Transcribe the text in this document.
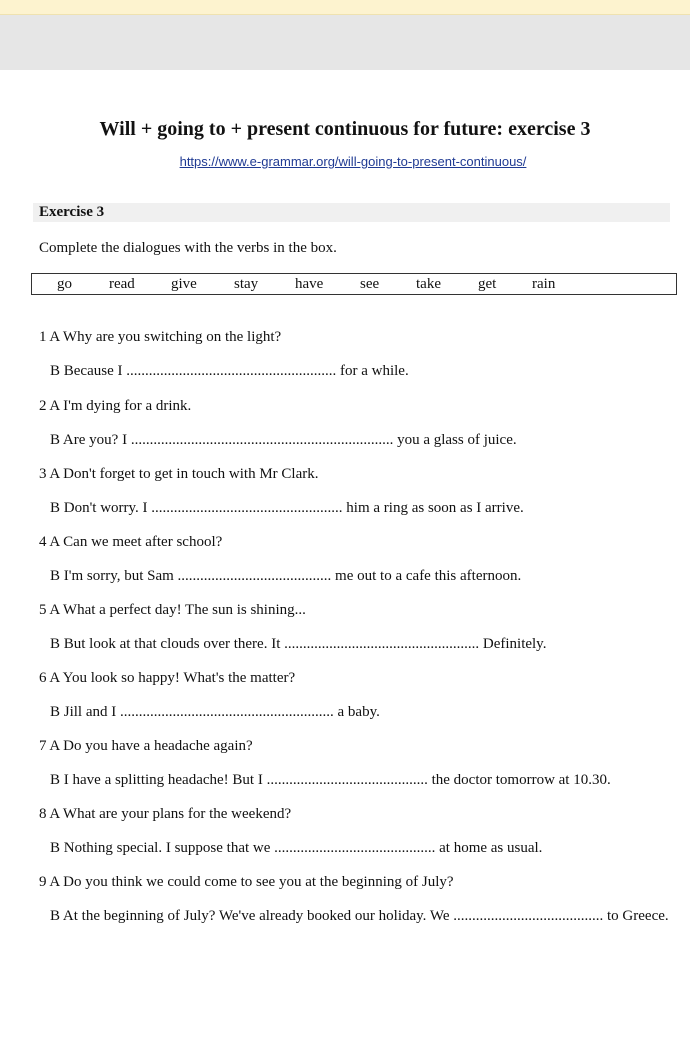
Will + going to + present continuous for future: exercise 3
https://www.e-grammar.org/will-going-to-present-continuous/
Exercise 3
Complete the dialogues with the verbs in the box.
go read give stay have see take get rain
1 A Why are you switching on the light?
B Because I ........................................................ for a while.
2 A I'm dying for a drink.
B Are you? I ...................................................................... you a glass of juice.
3 A Don't forget to get in touch with Mr Clark.
B Don't worry. I ................................................... him a ring as soon as I arrive.
4 A Can we meet after school?
B I'm sorry, but Sam ......................................... me out to a cafe this afternoon.
5 A What a perfect day! The sun is shining...
B But look at that clouds over there. It .................................................... Definitely.
6 A You look so happy! What's the matter?
B Jill and I ......................................................... a baby.
7 A Do you have a headache again?
B I have a splitting headache! But I ........................................... the doctor tomorrow at 10.30.
8 A What are your plans for the weekend?
B Nothing special. I suppose that we ........................................... at home as usual.
9 A Do you think we could come to see you at the beginning of July?
B At the beginning of July? We've already booked our holiday. We ........................................ to Greece.
